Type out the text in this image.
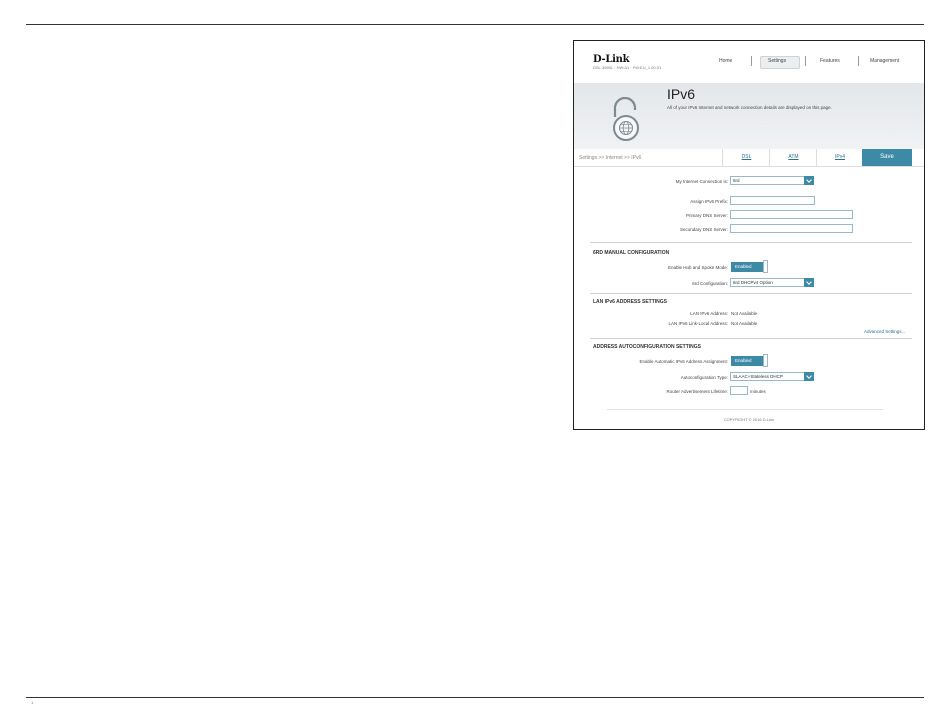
1
D-Link
DSL-3900L · HW:A1 · FW:EU_1.00.01
Home	Settings	Features	Management
IPv6
All of your IPv6 Internet and network connection details are displayed on this page.
Settings >> Internet >> IPv6	DSL	ATM	IPv4	Save
My Internet Connection is:	6rd
Assign IPv6 Prefix:
Primary DNS Server:
Secondary DNS Server:
6RD MANUAL CONFIGURATION
Enable Hub and Spoke Mode:	Enabled
6rd Configuration:	6rd DHCPv4 Option
LAN IPv6 ADDRESS SETTINGS
LAN IPv6 Address: Not Available
LAN IPv6 Link-Local Address: Not Available
Advanced Settings...
ADDRESS AUTOCONFIGURATION SETTINGS
Enable Automatic IPv6 Address Assignment:	Enabled
Autoconfiguration Type:	SLAAC+Stateless DHCP
Router Advertisement Lifetime:	minutes
COPYRIGHT © 2016 D-Link
